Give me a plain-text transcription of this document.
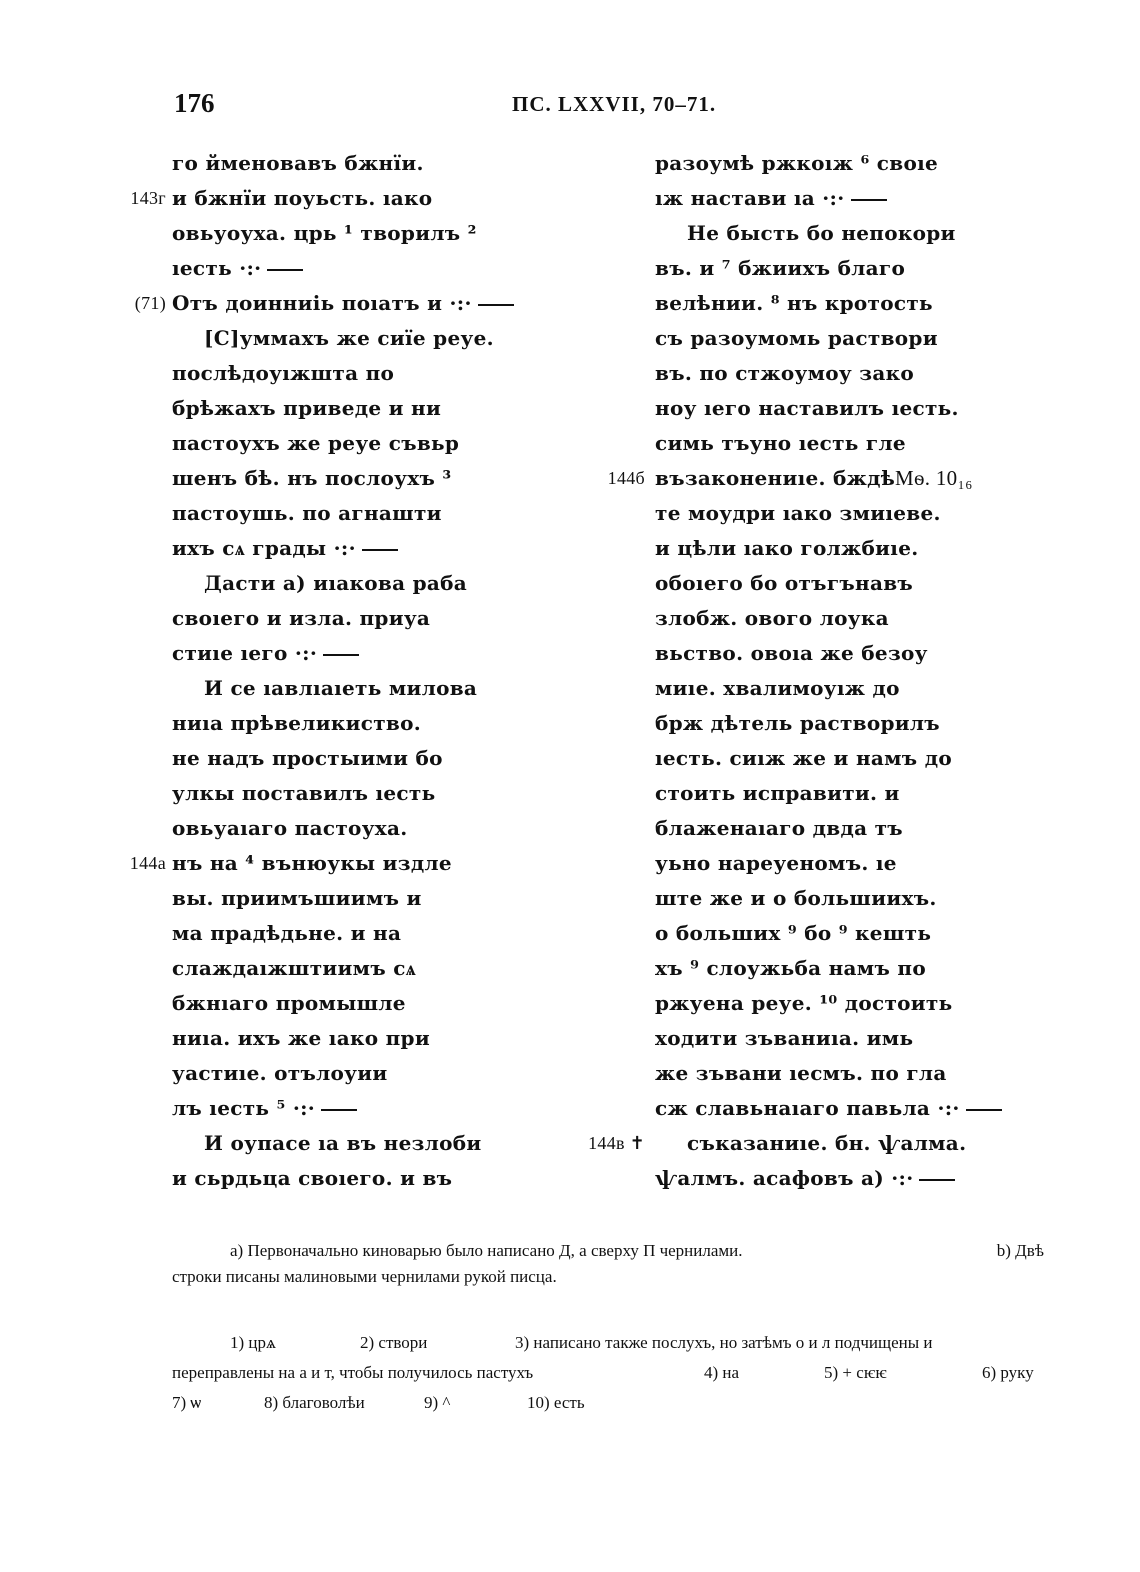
176	ПС. LXXVII, 70–71.
го йменовавъ бжнїи.
143г и бжнїи поуьсть. ıако
овьуоуха. црь ¹ творилъ ²
ıесть ·:·
(71) Отъ доинниіь поıатъ и ·:·
[С]уммахъ же сиїе реуе.
послѣдоуıжшта по
брѣжахъ приведе и ни
пастоухъ же реуе съвьр
шенъ бѣ. нъ послоухъ ³
пастоушь. по агнашти
ихъ сѧ грады ·:·
Дасти а) иıакова раба
своıего и изла. приуа
стиıе ıего ·:·
И се ıавлıаıеть милова
ниıа прѣвеликиство.
не надъ простыими бо
улкы поставилъ ıесть
овьуаıаго пастоуха.
144а нъ на ⁴ вънюукы издле
вы. приимъшиимъ и
ма прадѣдьне. и на
слаждаıжштиимъ сѧ
бжнıаго промышле
ниıа. ихъ же ıако при
уастиıе. отълоуии
лъ ıесть ⁵ ·:·
И оупасе ıа въ незлоби
и сьрдьца своıего. и въ
разоумѣ ржкоıж ⁶ своıе
ıж настави ıа ·:·
Не бысть бо непокори
въ. и ⁷ бжиихъ благо
велѣнии. ⁸ нъ кротость
съ разоумомь раствори
въ. по стжоумоу зако
ноу ıего наставилъ ıесть.
симь тъуно ıесть гле
144б възаконениıе. бждѣ Мѳ. 10₁₆
те моудри ıако змиıеве.
и цѣли ıако голжбиıе.
обоıего бо отъгънавъ
злобж. овогo лоука
вьство. овоıа же безоу
миıе. хвалимоуıж до
брж дѣтель растворилъ
ıесть. сиıж же и намъ до
стоить исправити. и
блаженаıаго двда тъ
уьно нареуеномъ. ıе
ште же и о большиихъ.
о больших ⁹ бо ⁹ кешть
хъ ⁹ слоужьба намъ по
ржуена реуе. ¹⁰ достоить
ходити зъваниıа. имь
же зъвани ıесмъ. по гла
сж славьнаıаго павьла ·:·
144в ✝ съказаниıе. бн. ѱалма.
ѱалмъ. асафовъ а) ·:·
а) Первоначально киноварью было написано Д, а сверху П чернилами.	b) Двѣ
строки писаны малиновыми чернилами рукой писца.
1) црѧ	2) створи	3) написано также послухъ, но затѣмъ о и л подчищены и
переправлены на а и т, чтобы получилось пастухъ	4) на	5) + сѥѥ	6) руку
7) ѡ	8) благоволѣи	9) ^	10) есть
